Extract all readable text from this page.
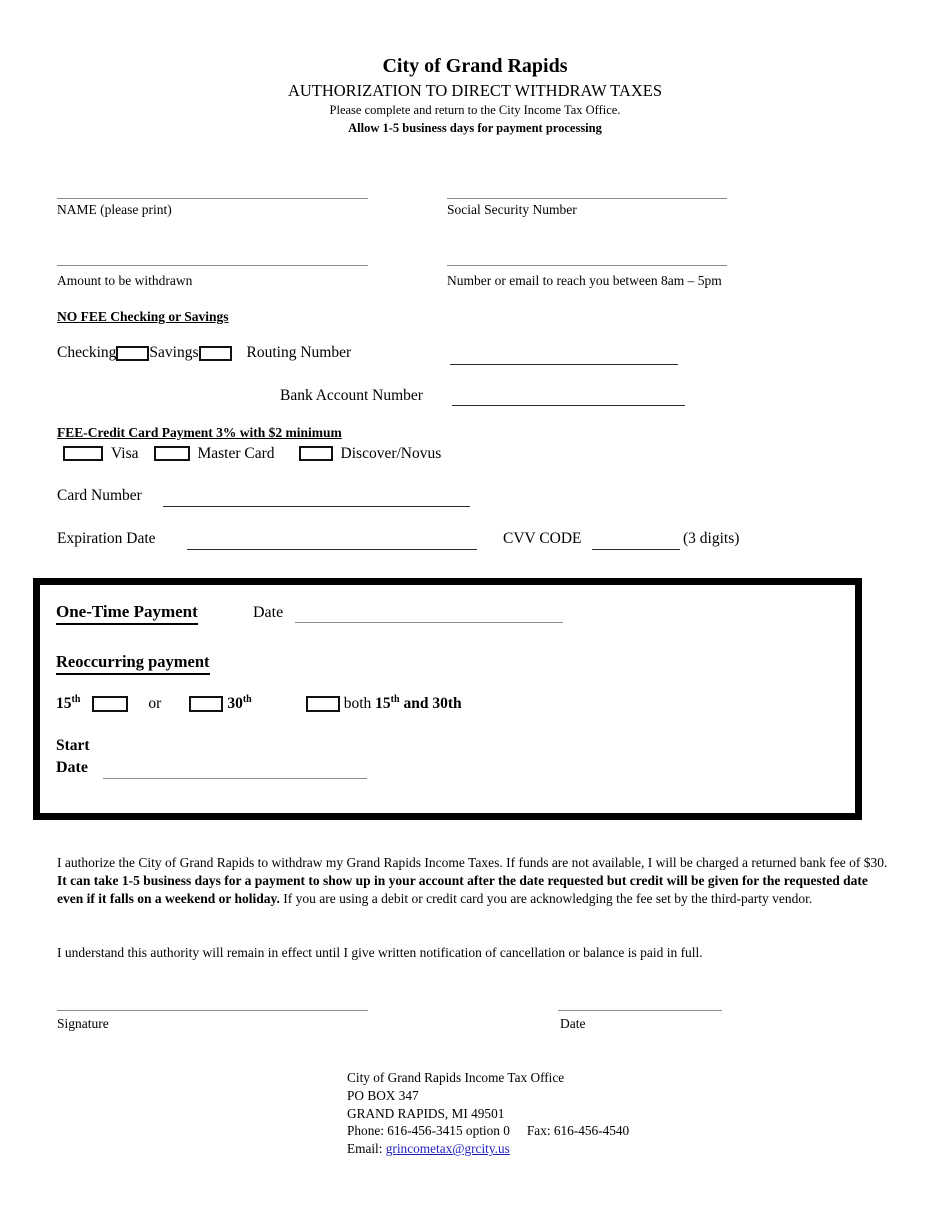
City of Grand Rapids
AUTHORIZATION TO DIRECT WITHDRAW TAXES
Please complete and return to the City Income Tax Office.
Allow 1-5 business days for payment processing
NAME (please print)	Social Security Number
Amount to be withdrawn	Number or email to reach you between 8am – 5pm
NO FEE Checking or Savings
Checking Savings	Routing Number
Bank Account Number
FEE-Credit Card Payment 3% with $2 minimum
Visa	Master Card	Discover/Novus
Card Number
Expiration Date	CVV CODE	(3 digits)
One-Time Payment	Date
Reoccurring payment
15th	or	30th	both 15th and 30th
Start
Date
I authorize the City of Grand Rapids to withdraw my Grand Rapids Income Taxes. If funds are not available, I will be charged a returned bank fee of $30. It can take 1-5 business days for a payment to show up in your account after the date requested but credit will be given for the requested date even if it falls on a weekend or holiday. If you are using a debit or credit card you are acknowledging the fee set by the third-party vendor.
I understand this authority will remain in effect until I give written notification of cancellation or balance is paid in full.
Signature	Date
City of Grand Rapids Income Tax Office
PO BOX 347
GRAND RAPIDS, MI 49501
Phone: 616-456-3415 option 0 Fax: 616-456-4540
Email: grincometax@grcity.us
